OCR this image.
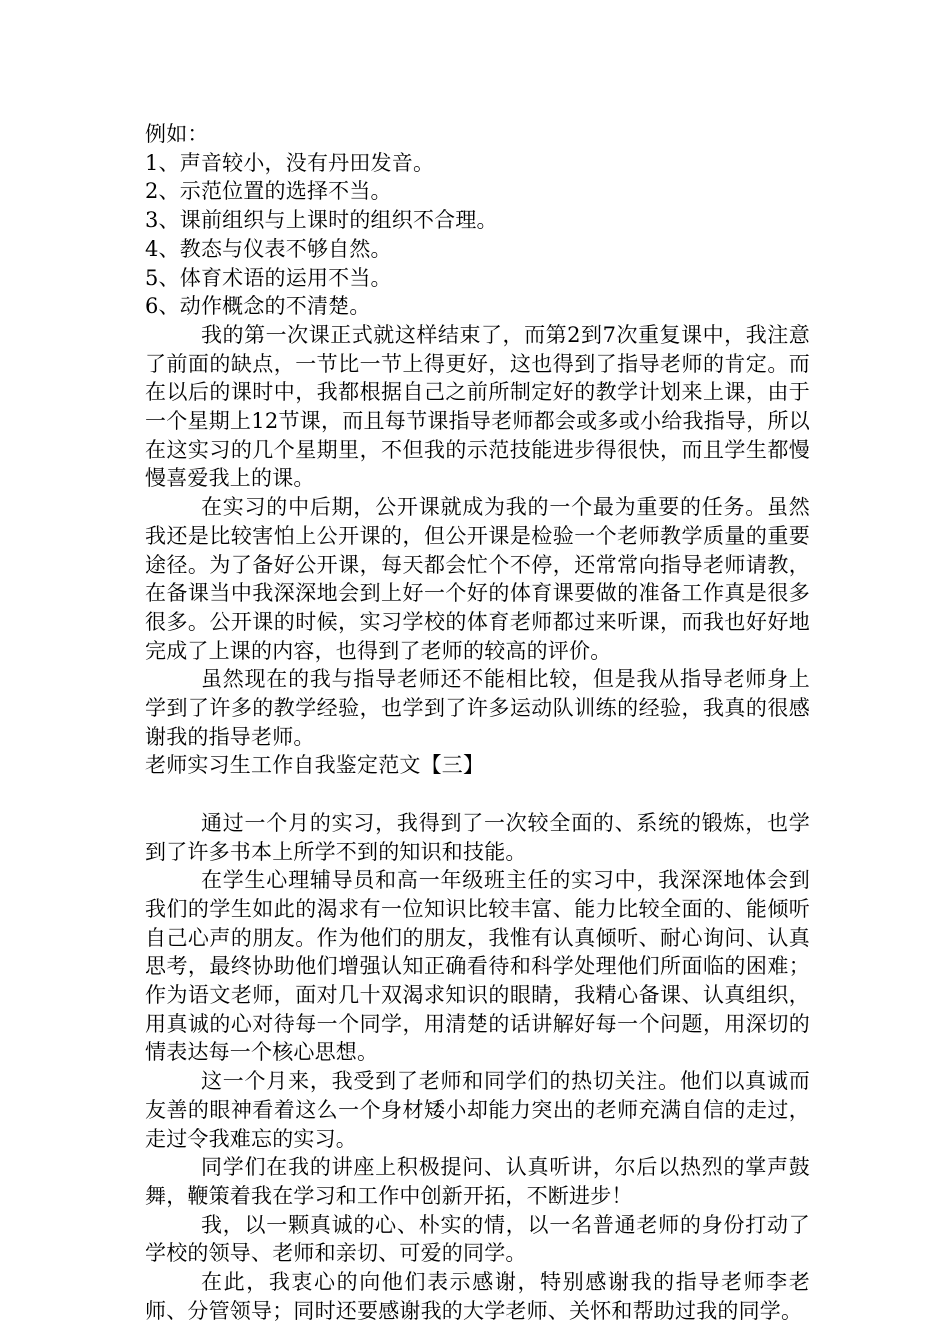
例如：

1、声音较小，没有丹田发音。

2、示范位置的选择不当。

3、课前组织与上课时的组织不合理。

4、教态与仪表不够自然。

5、体育术语的运用不当。

6、动作概念的不清楚。

我的第一次课正式就这样结束了，而第2到7次重复课中，我注意了前面的缺点，一节比一节上得更好，这也得到了指导老师的肯定。而在以后的课时中，我都根据自己之前所制定好的教学计划来上课，由于一个星期上12节课，而且每节课指导老师都会或多或小给我指导，所以在这实习的几个星期里，不但我的示范技能进步得很快，而且学生都慢慢喜爱我上的课。

在实习的中后期，公开课就成为我的一个最为重要的任务。虽然我还是比较害怕上公开课的，但公开课是检验一个老师教学质量的重要途径。为了备好公开课，每天都会忙个不停，还常常向指导老师请教，在备课当中我深深地会到上好一个好的体育课要做的准备工作真是很多很多。公开课的时候，实习学校的体育老师都过来听课，而我也好好地完成了上课的内容，也得到了老师的较高的评价。

虽然现在的我与指导老师还不能相比较，但是我从指导老师身上学到了许多的教学经验，也学到了许多运动队训练的经验，我真的很感谢我的指导老师。

老师实习生工作自我鉴定范文【三】

通过一个月的实习，我得到了一次较全面的、系统的锻炼，也学到了许多书本上所学不到的知识和技能。

在学生心理辅导员和高一年级班主任的实习中，我深深地体会到我们的学生如此的渴求有一位知识比较丰富、能力比较全面的、能倾听自己心声的朋友。作为他们的朋友，我惟有认真倾听、耐心询问、认真思考，最终协助他们增强认知正确看待和科学处理他们所面临的困难；作为语文老师，面对几十双渴求知识的眼睛，我精心备课、认真组织，用真诚的心对待每一个同学，用清楚的话讲解好每一个问题，用深切的情表达每一个核心思想。

这一个月来，我受到了老师和同学们的热切关注。他们以真诚而友善的眼神看着这么一个身材矮小却能力突出的老师充满自信的走过，走过令我难忘的实习。

同学们在我的讲座上积极提问、认真听讲，尔后以热烈的掌声鼓舞，鞭策着我在学习和工作中创新开拓，不断进步！

我，以一颗真诚的心、朴实的情，以一名普通老师的身份打动了学校的领导、老师和亲切、可爱的同学。

在此，我衷心的向他们表示感谢，特别感谢我的指导老师李老师、分管领导；同时还要感谢我的大学老师、关怀和帮助过我的同学。
